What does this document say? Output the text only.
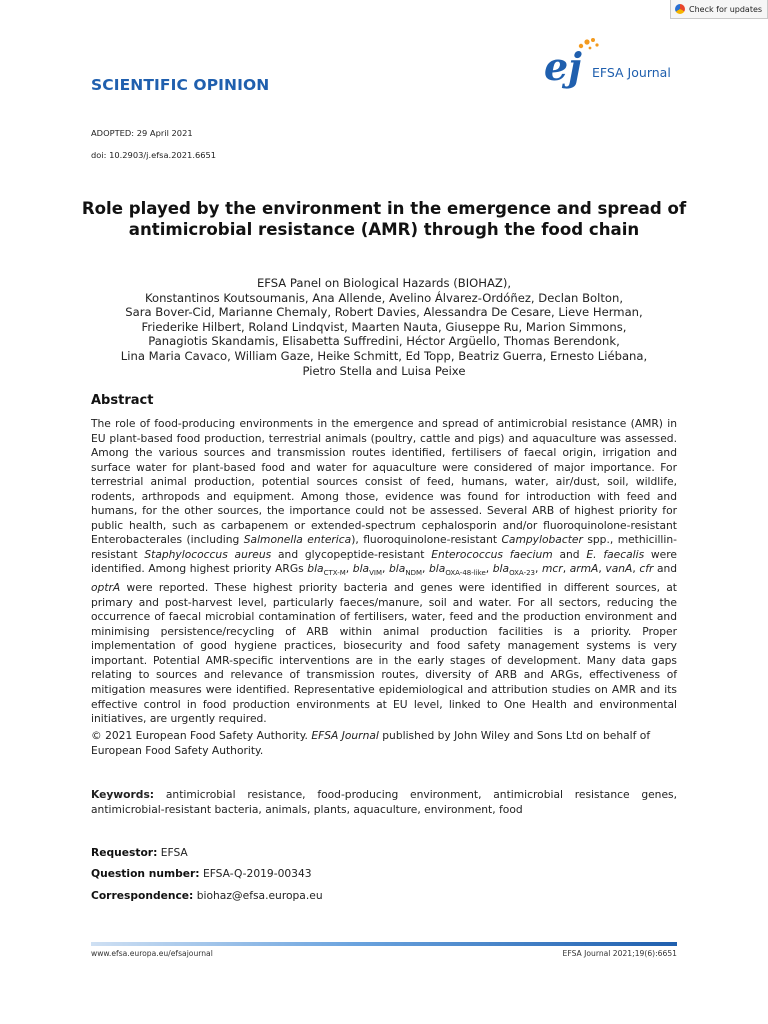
Check for updates
SCIENTIFIC OPINION	ej EFSA Journal
ADOPTED: 29 April 2021
doi: 10.2903/j.efsa.2021.6651
Role played by the environment in the emergence and spread of antimicrobial resistance (AMR) through the food chain
EFSA Panel on Biological Hazards (BIOHAZ),
Konstantinos Koutsoumanis, Ana Allende, Avelino Álvarez-Ordóñez, Declan Bolton,
Sara Bover-Cid, Marianne Chemaly, Robert Davies, Alessandra De Cesare, Lieve Herman,
Friederike Hilbert, Roland Lindqvist, Maarten Nauta, Giuseppe Ru, Marion Simmons,
Panagiotis Skandamis, Elisabetta Suffredini, Héctor Argüello, Thomas Berendonk,
Lina Maria Cavaco, William Gaze, Heike Schmitt, Ed Topp, Beatriz Guerra, Ernesto Liébana,
Pietro Stella and Luisa Peixe
Abstract
The role of food-producing environments in the emergence and spread of antimicrobial resistance (AMR) in EU plant-based food production, terrestrial animals (poultry, cattle and pigs) and aquaculture was assessed. Among the various sources and transmission routes identified, fertilisers of faecal origin, irrigation and surface water for plant-based food and water for aquaculture were considered of major importance. For terrestrial animal production, potential sources consist of feed, humans, water, air/dust, soil, wildlife, rodents, arthropods and equipment. Among those, evidence was found for introduction with feed and humans, for the other sources, the importance could not be assessed. Several ARB of highest priority for public health, such as carbapenem or extended-spectrum cephalosporin and/or fluoroquinolone-resistant Enterobacterales (including Salmonella enterica), fluoroquinolone-resistant Campylobacter spp., methicillin-resistant Staphylococcus aureus and glycopeptide-resistant Enterococcus faecium and E. faecalis were identified. Among highest priority ARGs bla$_{CTX-M}$, bla$_{VIM}$, bla$_{NDM}$, bla$_{OXA-48-like}$, bla$_{OXA-23}$, mcr, armA, vanA, cfr and optrA were reported. These highest priority bacteria and genes were identified in different sources, at primary and post-harvest level, particularly faeces/manure, soil and water. For all sectors, reducing the occurrence of faecal microbial contamination of fertilisers, water, feed and the production environment and minimising persistence/recycling of ARB within animal production facilities is a priority. Proper implementation of good hygiene practices, biosecurity and food safety management systems is very important. Potential AMR-specific interventions are in the early stages of development. Many data gaps relating to sources and relevance of transmission routes, diversity of ARB and ARGs, effectiveness of mitigation measures were identified. Representative epidemiological and attribution studies on AMR and its effective control in food production environments at EU level, linked to One Health and environmental initiatives, are urgently required.
© 2021 European Food Safety Authority. EFSA Journal published by John Wiley and Sons Ltd on behalf of European Food Safety Authority.
Keywords: antimicrobial resistance, food-producing environment, antimicrobial resistance genes, antimicrobial-resistant bacteria, animals, plants, aquaculture, environment, food
Requestor: EFSA
Question number: EFSA-Q-2019-00343
Correspondence: biohaz@efsa.europa.eu
www.efsa.europa.eu/efsajournal	EFSA Journal 2021;19(6):6651
